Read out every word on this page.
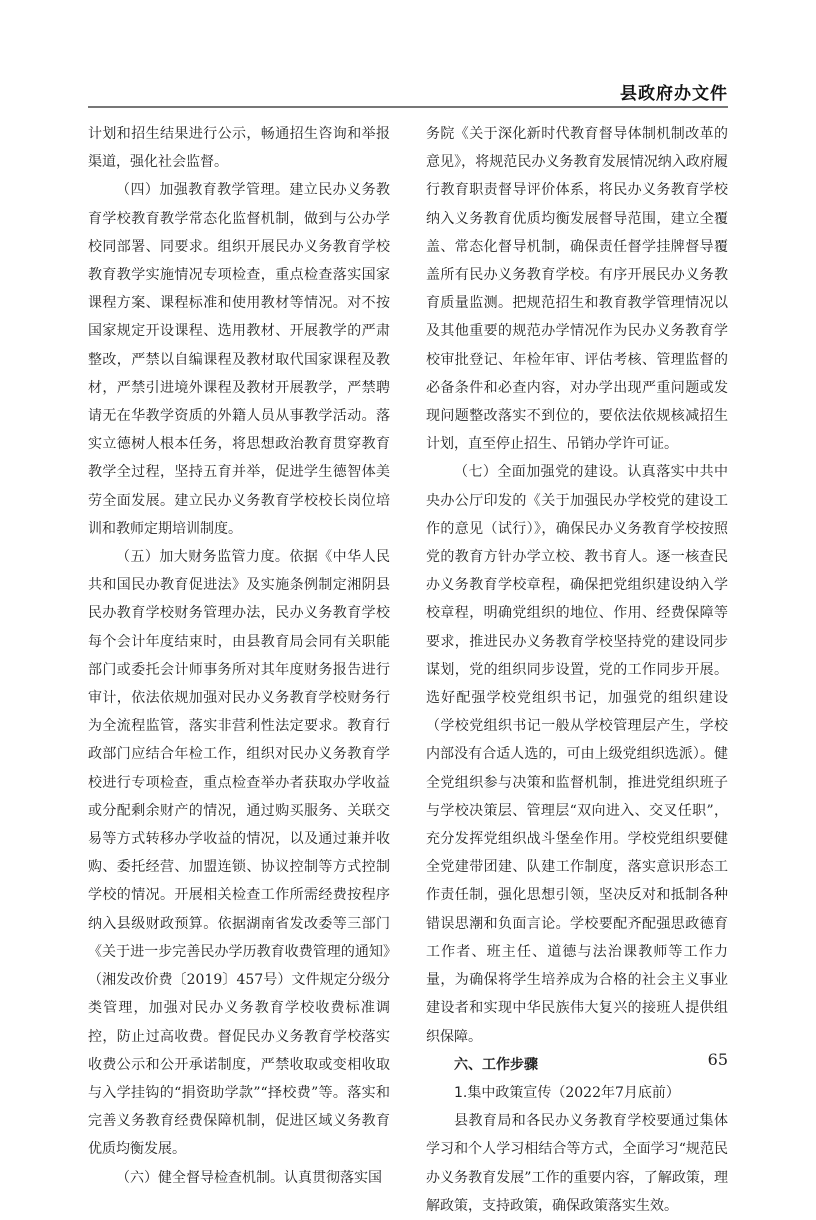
县政府办文件

计划和招生结果进行公示，畅通招生咨询和举报渠道，强化社会监督。

（四）加强教育教学管理。建立民办义务教育学校教育教学常态化监督机制，做到与公办学校同部署、同要求。组织开展民办义务教育学校教育教学实施情况专项检查，重点检查落实国家课程方案、课程标准和使用教材等情况。对不按国家规定开设课程、选用教材、开展教学的严肃整改，严禁以自编课程及教材取代国家课程及教材，严禁引进境外课程及教材开展教学，严禁聘请无在华教学资质的外籍人员从事教学活动。落实立德树人根本任务，将思想政治教育贯穿教育教学全过程，坚持五育并举，促进学生德智体美劳全面发展。建立民办义务教育学校校长岗位培训和教师定期培训制度。

（五）加大财务监管力度。依据《中华人民共和国民办教育促进法》及实施条例制定湘阴县民办教育学校财务管理办法，民办义务教育学校每个会计年度结束时，由县教育局会同有关职能部门或委托会计师事务所对其年度财务报告进行审计，依法依规加强对民办义务教育学校财务行为全流程监管，落实非营利性法定要求。教育行政部门应结合年检工作，组织对民办义务教育学校进行专项检查，重点检查举办者获取办学收益或分配剩余财产的情况，通过购买服务、关联交易等方式转移办学收益的情况，以及通过兼并收购、委托经营、加盟连锁、协议控制等方式控制学校的情况。开展相关检查工作所需经费按程序纳入县级财政预算。依据湖南省发改委等三部门《关于进一步完善民办学历教育收费管理的通知》（湘发改价费〔2019〕457号）文件规定分级分类管理，加强对民办义务教育学校收费标准调控，防止过高收费。督促民办义务教育学校落实收费公示和公开承诺制度，严禁收取或变相收取与入学挂钩的“捐资助学款”“择校费”等。落实和完善义务教育经费保障机制，促进区域义务教育优质均衡发展。

（六）健全督导检查机制。认真贯彻落实国

务院《关于深化新时代教育督导体制机制改革的意见》，将规范民办义务教育发展情况纳入政府履行教育职责督导评价体系，将民办义务教育学校纳入义务教育优质均衡发展督导范围，建立全覆盖、常态化督导机制，确保责任督学挂牌督导覆盖所有民办义务教育学校。有序开展民办义务教育质量监测。把规范招生和教育教学管理情况以及其他重要的规范办学情况作为民办义务教育学校审批登记、年检年审、评估考核、管理监督的必备条件和必查内容，对办学出现严重问题或发现问题整改落实不到位的，要依法依规核减招生计划，直至停止招生、吊销办学许可证。

（七）全面加强党的建设。认真落实中共中央办公厅印发的《关于加强民办学校党的建设工作的意见（试行）》，确保民办义务教育学校按照党的教育方针办学立校、教书育人。逐一核查民办义务教育学校章程，确保把党组织建设纳入学校章程，明确党组织的地位、作用、经费保障等要求，推进民办义务教育学校坚持党的建设同步谋划，党的组织同步设置，党的工作同步开展。选好配强学校党组织书记，加强党的组织建设（学校党组织书记一般从学校管理层产生，学校内部没有合适人选的，可由上级党组织选派）。健全党组织参与决策和监督机制，推进党组织班子与学校决策层、管理层“双向进入、交叉任职”，充分发挥党组织战斗堡垒作用。学校党组织要健全党建带团建、队建工作制度，落实意识形态工作责任制，强化思想引领，坚决反对和抵制各种错误思潮和负面言论。学校要配齐配强思政德育工作者、班主任、道德与法治课教师等工作力量，为确保将学生培养成为合格的社会主义事业建设者和实现中华民族伟大复兴的接班人提供组织保障。

六、工作步骤

1.集中政策宣传（2022年7月底前）

县教育局和各民办义务教育学校要通过集体学习和个人学习相结合等方式，全面学习“规范民办义务教育发展”工作的重要内容，了解政策，理解政策，支持政策，确保政策落实生效。

65
